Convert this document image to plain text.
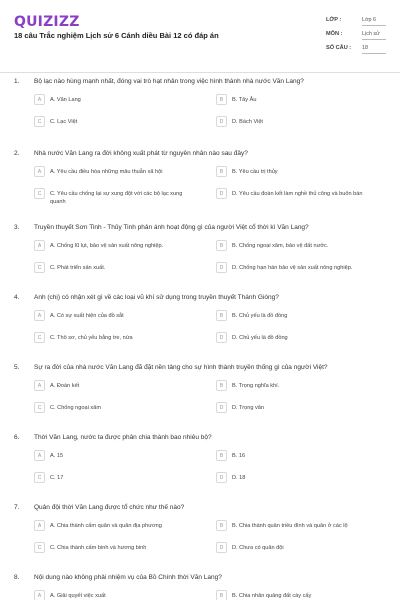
QUIZIZZ
18 câu Trắc nghiệm Lịch sử 6 Cánh diều Bài 12 có đáp án
LỚP :	Lớp 6
MÔN :	Lịch sử
SỐ CÂU : 18
1. Bộ lạc nào hùng mạnh nhất, đóng vai trò hạt nhân trong việc hình thành nhà nước Văn Lang?
A	A. Văn Lang	B	B. Tây Âu
C	C. Lạc Việt	D	D. Bách Việt
2. Nhà nước Văn Lang ra đời không xuất phát từ nguyên nhân nào sau đây?
A	A. Yêu cầu điều hòa những mâu thuẫn xã hội	B	B. Yêu cầu trị thủy
C	C. Yêu cầu chống lại sự xung đột với các bộ lạc xung quanh
D	D. Yêu cầu đoàn kết làm nghề thủ công và buôn bán
3. Truyền thuyết Sơn Tinh - Thủy Tinh phản ánh hoạt động gì của người Việt cổ thời kì Văn Lang?
A	A. Chống lũ lụt, bảo vệ sản xuất nông nghiệp.	B	B. Chống ngoại xâm, bảo vệ đất nước.
C	C. Phát triển sản xuất.	D	D. Chống hạn hán bảo vệ sản xuất nông nghiệp.
4. Anh (chị) có nhận xét gì về các loại vũ khí sử dụng trong truyền thuyết Thánh Gióng?
A	A. Có sự xuất hiện của đồ sắt	B	B. Chủ yếu là đồ đồng
C	C. Thô sơ, chủ yếu bằng tre, nứa	D	D. Chủ yếu là đồ đồng
5. Sự ra đời của nhà nước Văn Lang đã đặt nền tảng cho sự hình thành truyền thống gì của người Việt?
A	A. Đoàn kết	B	B. Trọng nghĩa khí.
C	C. Chống ngoại xâm	D	D. Trọng văn
6. Thời Văn Lang, nước ta được phân chia thành bao nhiêu bộ?
A	A. 15	B	B. 16
C	C. 17	D	D. 18
7. Quản đội thời Văn Lang được tổ chức như thế nào?
A	A. Chia thành cấm quân và quân địa phương	B	B. Chia thành quân triều đình và quân ở các lộ
C	C. Chia thành cấm binh và hương binh	D	D. Chưa có quân đội
8. Nội dung nào không phải nhiệm vụ của Bồ Chính thời Văn Lang?
A	A. Giải quyết việc xuất	B	B. Chia nhân quảng đất cày cấy
